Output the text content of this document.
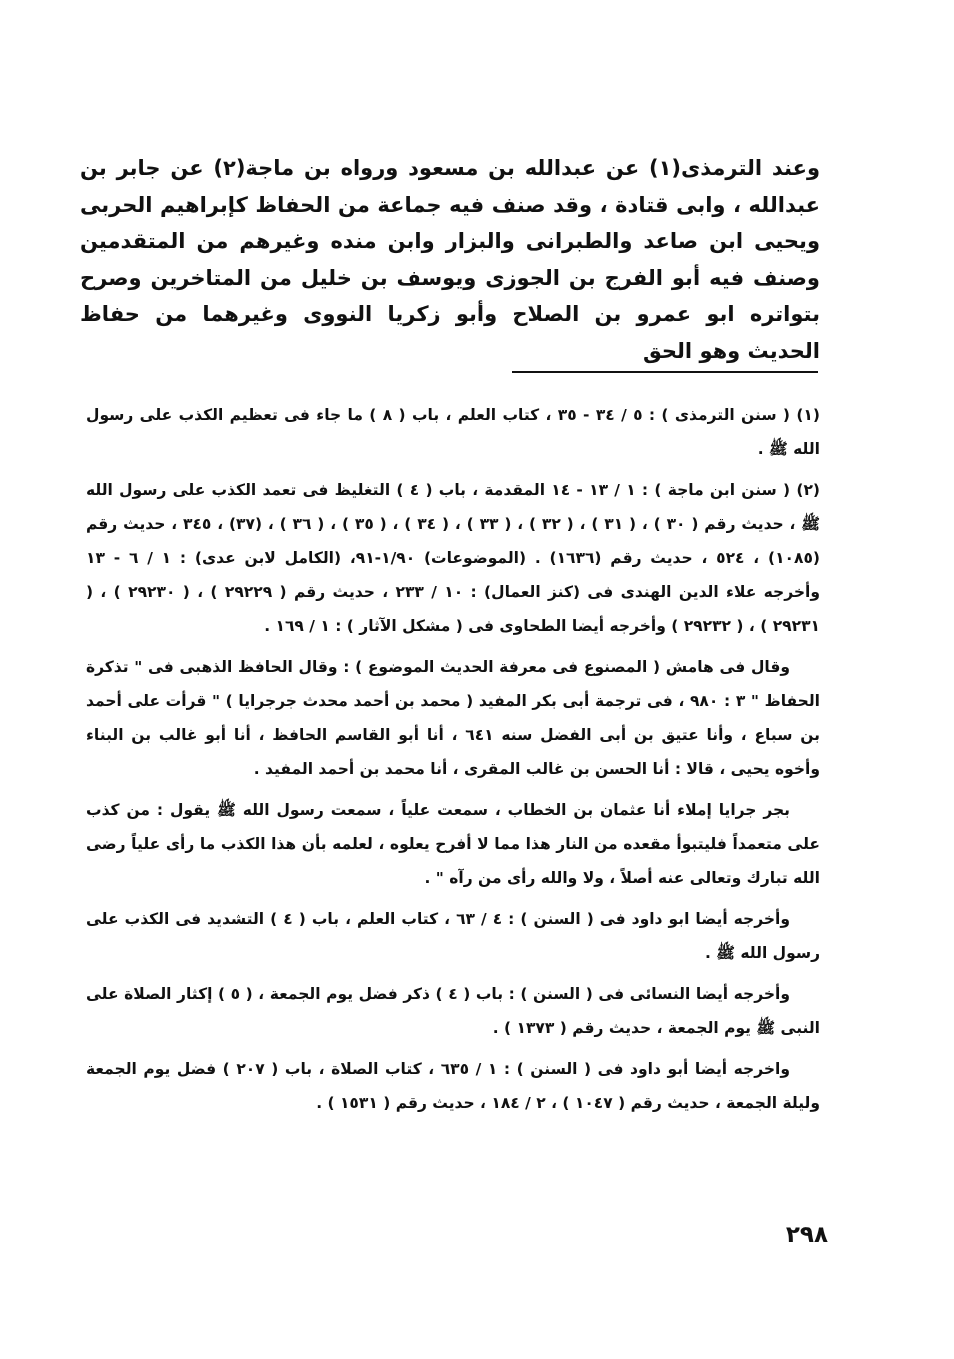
وعند الترمذى(١) عن عبدالله بن مسعود ورواه بن ماجة(٢) عن جابر بن عبدالله ، وابى قتادة ، وقد صنف فيه جماعة من الحفاظ كإبراهيم الحربى ويحيى ابن صاعد والطبرانى والبزار وابن منده وغيرهم من المتقدمين وصنف فيه أبو الفرج بن الجوزى ويوسف بن خليل من المتاخرين وصرح بتواتره ابو عمرو بن الصلاح وأبو زكريا النووى وغيرهما من حفاظ الحديث وهو الحق

(١) ( سنن الترمذى ) : ٥ / ٣٤ - ٣٥ ، كتاب العلم ، باب ( ٨ ) ما جاء فى تعظيم الكذب على رسول الله ﷺ .

(٢) ( سنن ابن ماجة ) : ١ / ١٣ - ١٤ المقدمة ، باب ( ٤ ) التغليظ فى تعمد الكذب على رسول الله ﷺ ، حديث رقم ( ٣٠ ) ، ( ٣١ ) ، ( ٣٢ ) ، ( ٣٣ ) ، ( ٣٤ ) ، ( ٣٥ ) ، ( ٣٦ ) ، (٣٧) ، ٣٤٥ ، حديث رقم (١٠٨٥) ، ٥٢٤ ، حديث رقم (١٦٣٦) . (الموضوعات) ١/٩٠-٩١، (الكامل لابن عدى) : ١ / ٦ - ١٣ وأخرجه علاء الدين الهندى فى (كنز العمال) : ١٠ / ٢٣٣ ، حديث رقم ( ٢٩٢٢٩ ) ، ( ٢٩٢٣٠ ) ، ( ٢٩٢٣١ ) ، ( ٢٩٢٣٢ ) وأخرجه أيضا الطحاوى فى ( مشكل الآثار ) : ١ / ١٦٩ .

وقال فى هامش ( المصنوع فى معرفة الحديث الموضوع ) : وقال الحافظ الذهبى فى " تذكرة الحفاظ " ٣ : ٩٨٠ ، فى ترجمة أبى بكر المفيد ( محمد بن أحمد محدث جرجرايا ) " قرأت على أحمد بن سباع ، وأنا عتيق بن أبى الفضل سنه ٦٤١ ، أنا أبو القاسم الحافظ ، أنا أبو غالب بن البناء وأخوه يحيى ، قالا : أنا الحسن بن غالب المقرى ، أنا محمد بن أحمد المفيد .

بجر جرايا إملاء أنا عثمان بن الخطاب ، سمعت علياً ، سمعت رسول الله ﷺ يقول : من كذب على متعمداً فليتبوأ مقعده من النار هذا مما لا أفرح يعلوه ، لعلمه بأن هذا الكذب ما رأى علياً رضى الله تبارك وتعالى عنه أصلاً ، ولا والله رأى من رآه " .

وأخرجه أيضا ابو داود فى ( السنن ) : ٤ / ٦٣ ، كتاب العلم ، باب ( ٤ ) التشديد فى الكذب على رسول الله ﷺ .

وأخرجه أيضا النسائى فى ( السنن ) : باب ( ٤ ) ذكر فضل يوم الجمعة ، ( ٥ ) إكثار الصلاة على النبى ﷺ يوم الجمعة ، حديث رقم ( ١٣٧٣ ) .

واخرجه أيضا أبو داود فى ( السنن ) : ١ / ٦٣٥ ، كتاب الصلاة ، باب ( ٢٠٧ ) فضل يوم الجمعة وليلة الجمعة ، حديث رقم ( ١٠٤٧ ) ، ٢ / ١٨٤ ، حديث رقم ( ١٥٣١ ) .

٢٩٨
